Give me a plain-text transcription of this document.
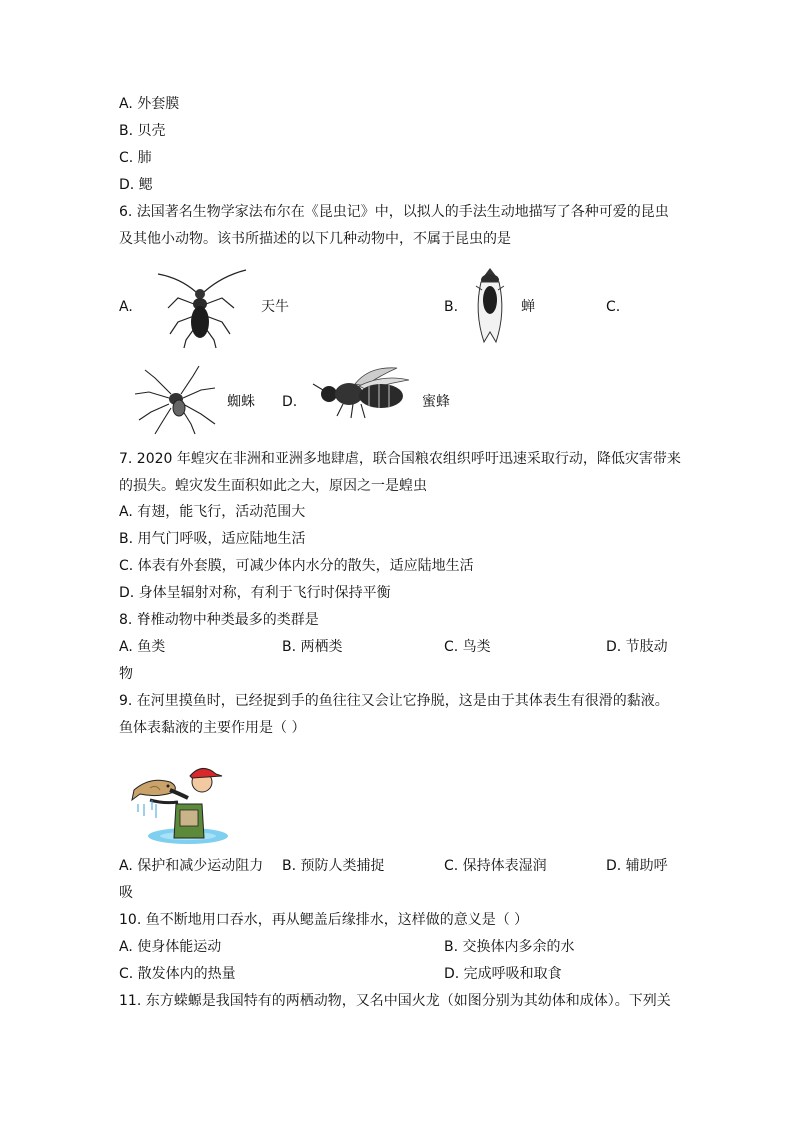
A. 外套膜
B. 贝壳
C. 肺
D. 鳃
6. 法国著名生物学家法布尔在《昆虫记》中，以拟人的手法生动地描写了各种可爱的昆虫
及其他小动物。该书所描述的以下几种动物中，不属于昆虫的是
A.	天牛	B.	蝉	C.
蜘蛛 D.	蜜蜂
7. 2020 年蝗灾在非洲和亚洲多地肆虐，联合国粮农组织呼吁迅速采取行动，降低灾害带来
的损失。蝗灾发生面积如此之大，原因之一是蝗虫
A. 有翅，能飞行，活动范围大
B. 用气门呼吸，适应陆地生活
C. 体表有外套膜，可减少体内水分的散失，适应陆地生活
D. 身体呈辐射对称，有利于飞行时保持平衡
8. 脊椎动物中种类最多的类群是
A. 鱼类	B. 两栖类	C. 鸟类	D. 节肢动
物
9. 在河里摸鱼时，已经捉到手的鱼往往又会让它挣脱，这是由于其体表生有很滑的黏液。
鱼体表黏液的主要作用是（ ）
A. 保护和减少运动阻力 B. 预防人类捕捉	C. 保持体表湿润	D. 辅助呼
吸
10. 鱼不断地用口吞水，再从鳃盖后缘排水，这样做的意义是（ ）
A. 使身体能运动	B. 交换体内多余的水
C. 散发体内的热量	D. 完成呼吸和取食
11. 东方蝾螈是我国特有的两栖动物，又名中国火龙（如图分别为其幼体和成体）。下列关
